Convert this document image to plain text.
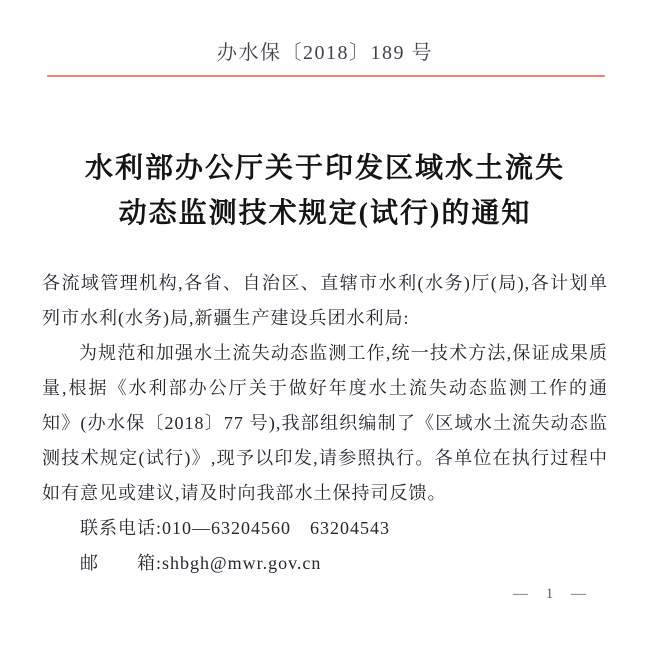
办水保〔2018〕189 号
水利部办公厅关于印发区域水土流失
动态监测技术规定(试行)的通知
各流域管理机构,各省、自治区、直辖市水利(水务)厅(局),各计划单列市水利(水务)局,新疆生产建设兵团水利局:
为规范和加强水土流失动态监测工作,统一技术方法,保证成果质量,根据《水利部办公厅关于做好年度水土流失动态监测工作的通知》(办水保〔2018〕77 号),我部组织编制了《区域水土流失动态监测技术规定(试行)》,现予以印发,请参照执行。各单位在执行过程中如有意见或建议,请及时向我部水土保持司反馈。
联系电话:010—63204560　63204543
邮　　箱:shbgh@mwr.gov.cn
— 1 —
